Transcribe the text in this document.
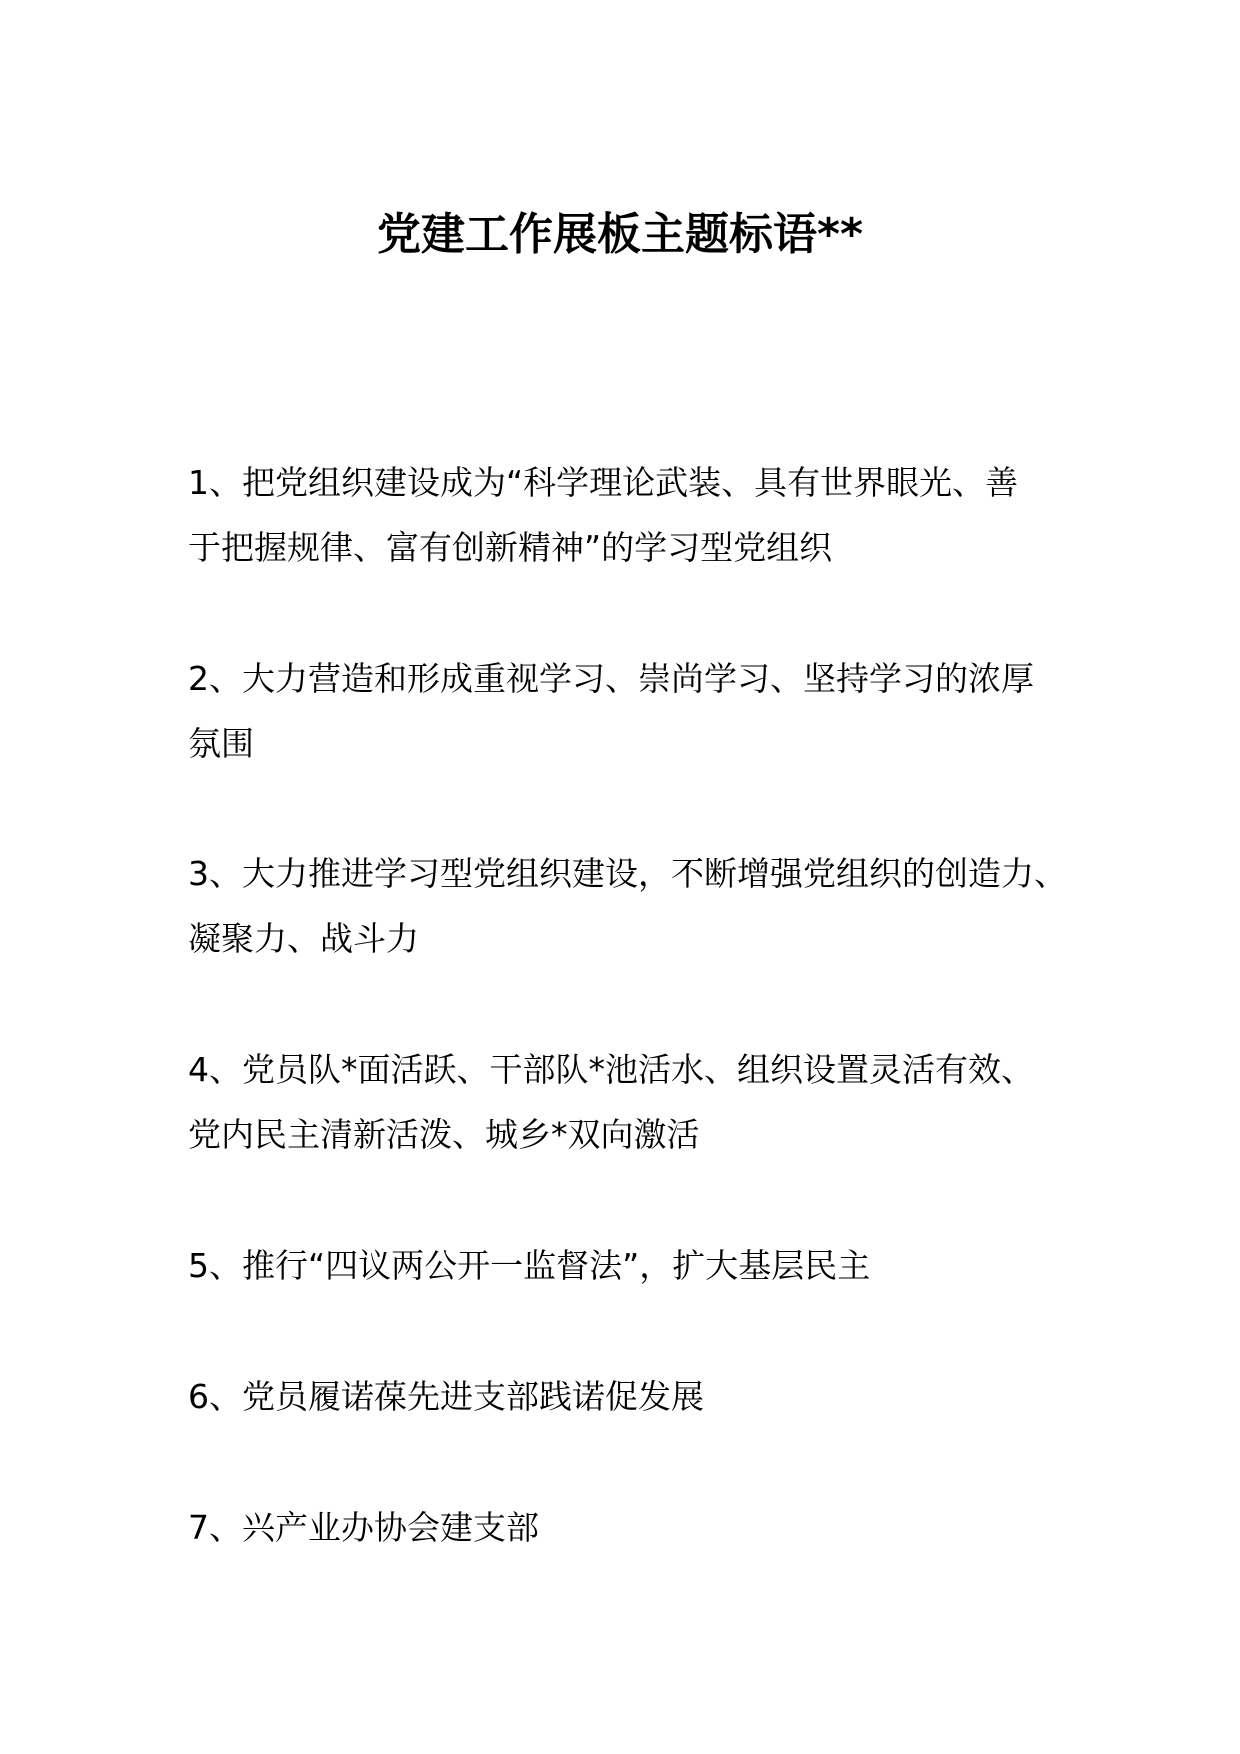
党建工作展板主题标语**

1、把党组织建设成为“科学理论武装、具有世界眼光、善
于把握规律、富有创新精神”的学习型党组织

2、大力营造和形成重视学习、崇尚学习、坚持学习的浓厚
氛围

3、大力推进学习型党组织建设，不断增强党组织的创造力、
凝聚力、战斗力

4、党员队*面活跃、干部队*池活水、组织设置灵活有效、
党内民主清新活泼、城乡*双向激活

5、推行“四议两公开一监督法”，扩大基层民主

6、党员履诺葆先进支部践诺促发展

7、兴产业办协会建支部
